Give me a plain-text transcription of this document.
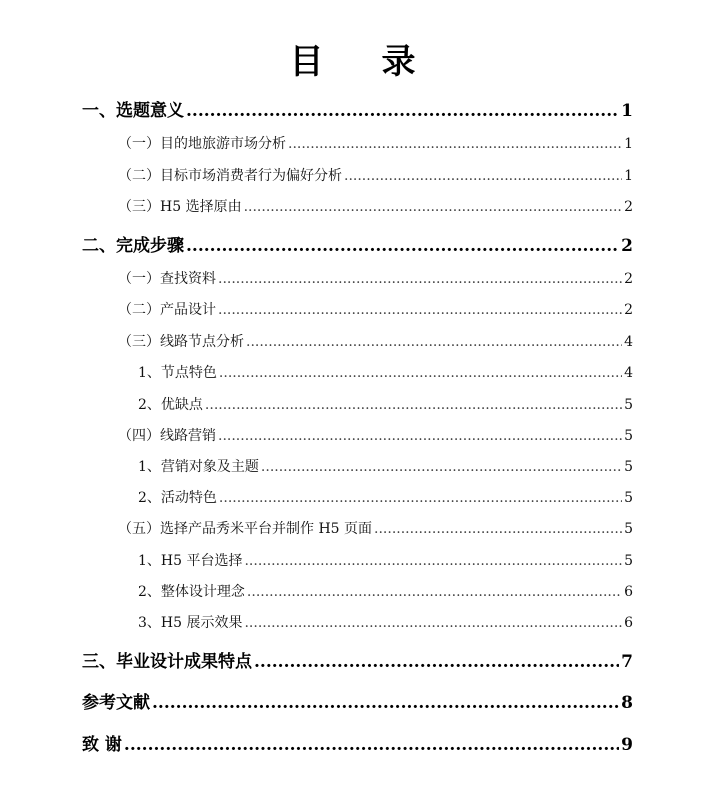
目 录
一、选题意义 .....	1
（一）目的地旅游市场分析 .....	1
（二）目标市场消费者行为偏好分析 .....	1
（三）H5 选择原由 .....	2
二、完成步骤 .....	2
（一）查找资料 .....	2
（二）产品设计 .....	2
（三）线路节点分析 .....	4
1、节点特色 .....	4
2、优缺点 .....	5
（四）线路营销 .....	5
1、营销对象及主题 .....	5
2、活动特色 .....	5
（五）选择产品秀米平台并制作 H5 页面 .....	5
1、H5 平台选择 .....	5
2、整体设计理念 .....	6
3、H5 展示效果 .....	6
三、毕业设计成果特点 .....	7
参考文献 .....	8
致 谢 .....	9
